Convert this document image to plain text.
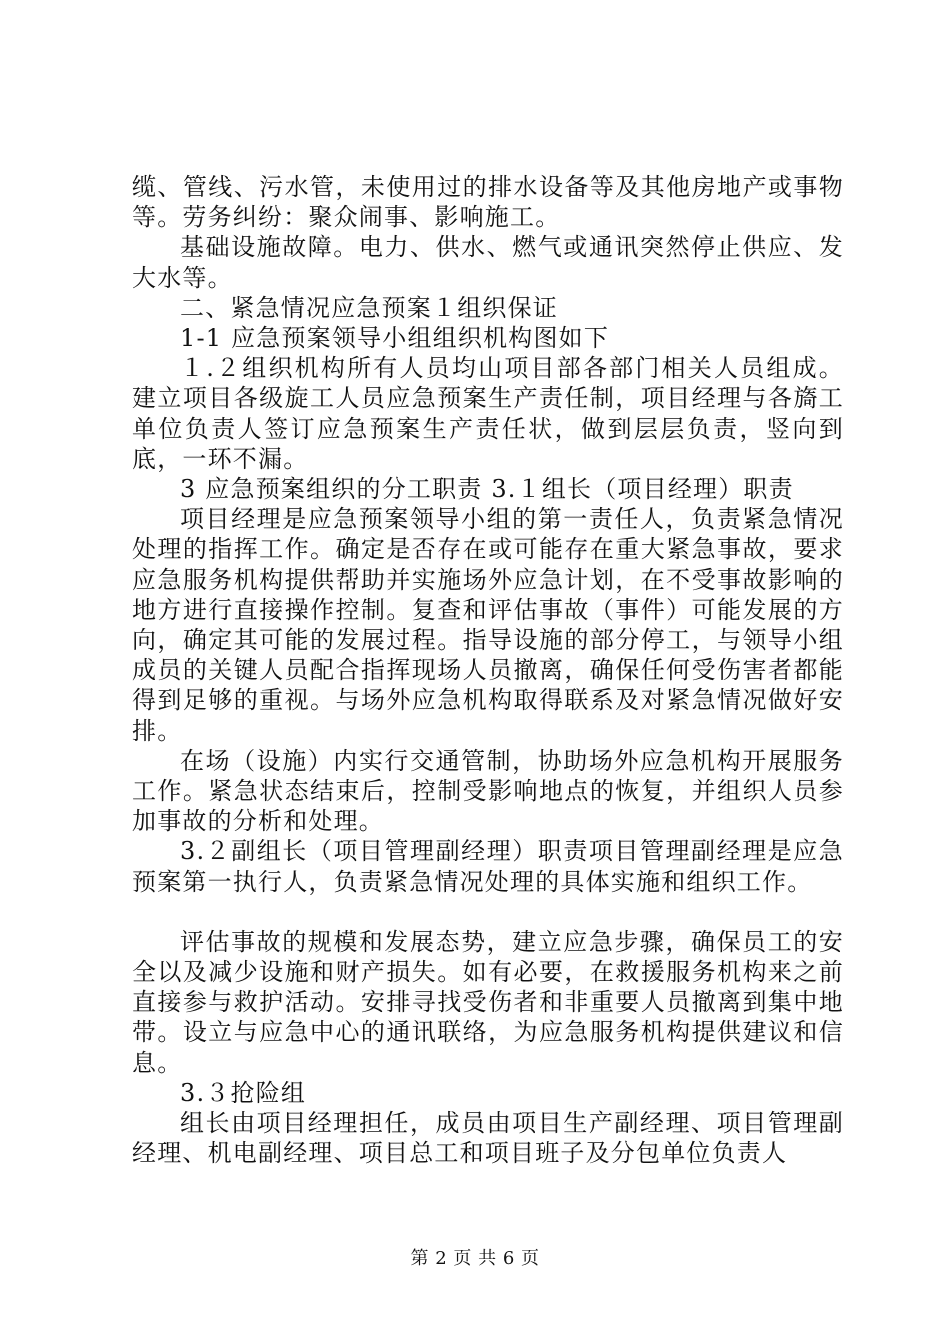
缆、管线、污水管，未使用过的排水设备等及其他房地产或事物等。劳务纠纷：聚众闹事、影响施工。

基础设施故障。电力、供水、燃气或通讯突然停止供应、发大水等。

二、紧急情况应急预案１组织保证

1-1 应急预案领导小组组织机构图如下

１.２组织机构所有人员均山项目部各部门相关人员组成。建立项目各级旋工人员应急预案生产责任制，项目经理与各旖工单位负责人签订应急预案生产责任状，做到层层负责，竖向到底，一环不漏。

3 应急预案组织的分工职责 3.１组长（项目经理）职责

项目经理是应急预案领导小组的第一责任人，负责紧急情况处理的指挥工作。确定是否存在或可能存在重大紧急事故，要求应急服务机构提供帮助并实施场外应急计划，在不受事故影响的地方进行直接操作控制。复查和评估事故（事件）可能发展的方向，确定其可能的发展过程。指导设施的部分停工，与领导小组成员的关键人员配合指挥现场人员撤离，确保任何受伤害者都能得到足够的重视。与场外应急机构取得联系及对紧急情况做好安排。

在场（设施）内实行交通管制，协助场外应急机构开展服务工作。紧急状态结束后，控制受影响地点的恢复，并组织人员参加事故的分析和处理。

3.２副组长（项目管理副经理）职责项目管理副经理是应急预案第一执行人，负责紧急情况处理的具体实施和组织工作。

评估事故的规模和发展态势，建立应急步骤，确保员工的安全以及减少设施和财产损失。如有必要，在救援服务机构来之前直接参与救护活动。安排寻找受伤者和非重要人员撤离到集中地带。设立与应急中心的通讯联络，为应急服务机构提供建议和信息。

3.３抢险组

组长由项目经理担任，成员由项目生产副经理、项目管理副经理、机电副经理、项目总工和项目班子及分包单位负责人

第 2 页 共 6 页
